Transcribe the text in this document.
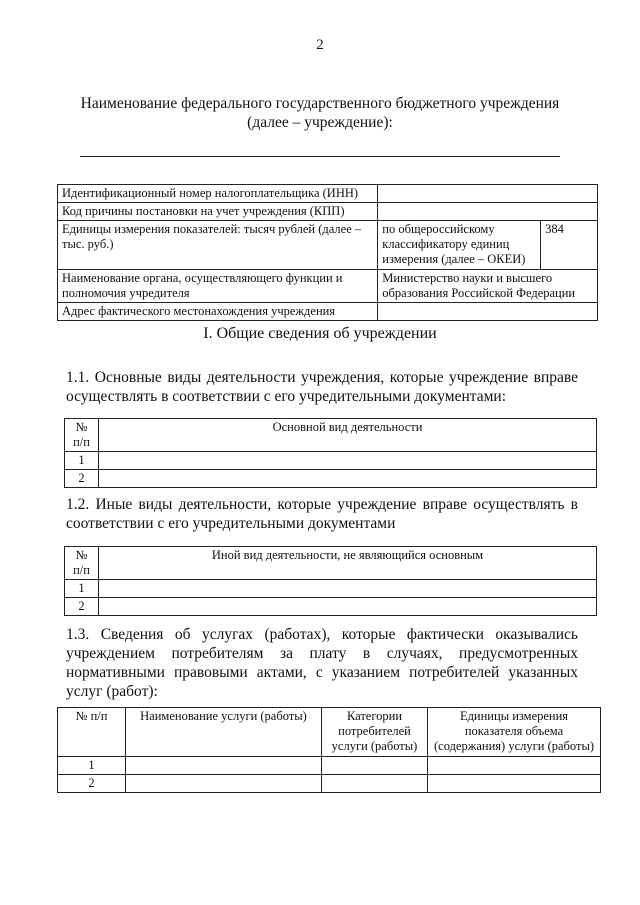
2
Наименование федерального государственного бюджетного учреждения
(далее – учреждение):
Идентификационный номер налогоплательщика (ИНН)		
Код причины постановки на учет учреждения (КПП)		
Единицы измерения показателей: тысяч рублей (далее – тыс. руб.)	по общероссийскому классификатору единиц измерения (далее – ОКЕИ)	384
Наименование органа, осуществляющего функции и полномочия учредителя	Министерство науки и высшего образования Российской Федерации	
Адрес фактического местонахождения учреждения		
I. Общие сведения об учреждении
1.1. Основные виды деятельности учреждения, которые учреждение вправе осуществлять в соответствии с его учредительными документами:
№
п/п	Основной вид деятельности
1	
2	
1.2. Иные виды деятельности, которые учреждение вправе осуществлять в соответствии с его учредительными документами
№
п/п	Иной вид деятельности, не являющийся основным
1	
2	
1.3. Сведения об услугах (работах), которые фактически оказывались учреждением потребителям за плату в случаях, предусмотренных нормативными правовыми актами, с указанием потребителей указанных услуг (работ):
№ п/п	Наименование услуги (работы)	Категории потребителей услуги (работы)	Единицы измерения показателя объема (содержания) услуги (работы)
1			
2			
